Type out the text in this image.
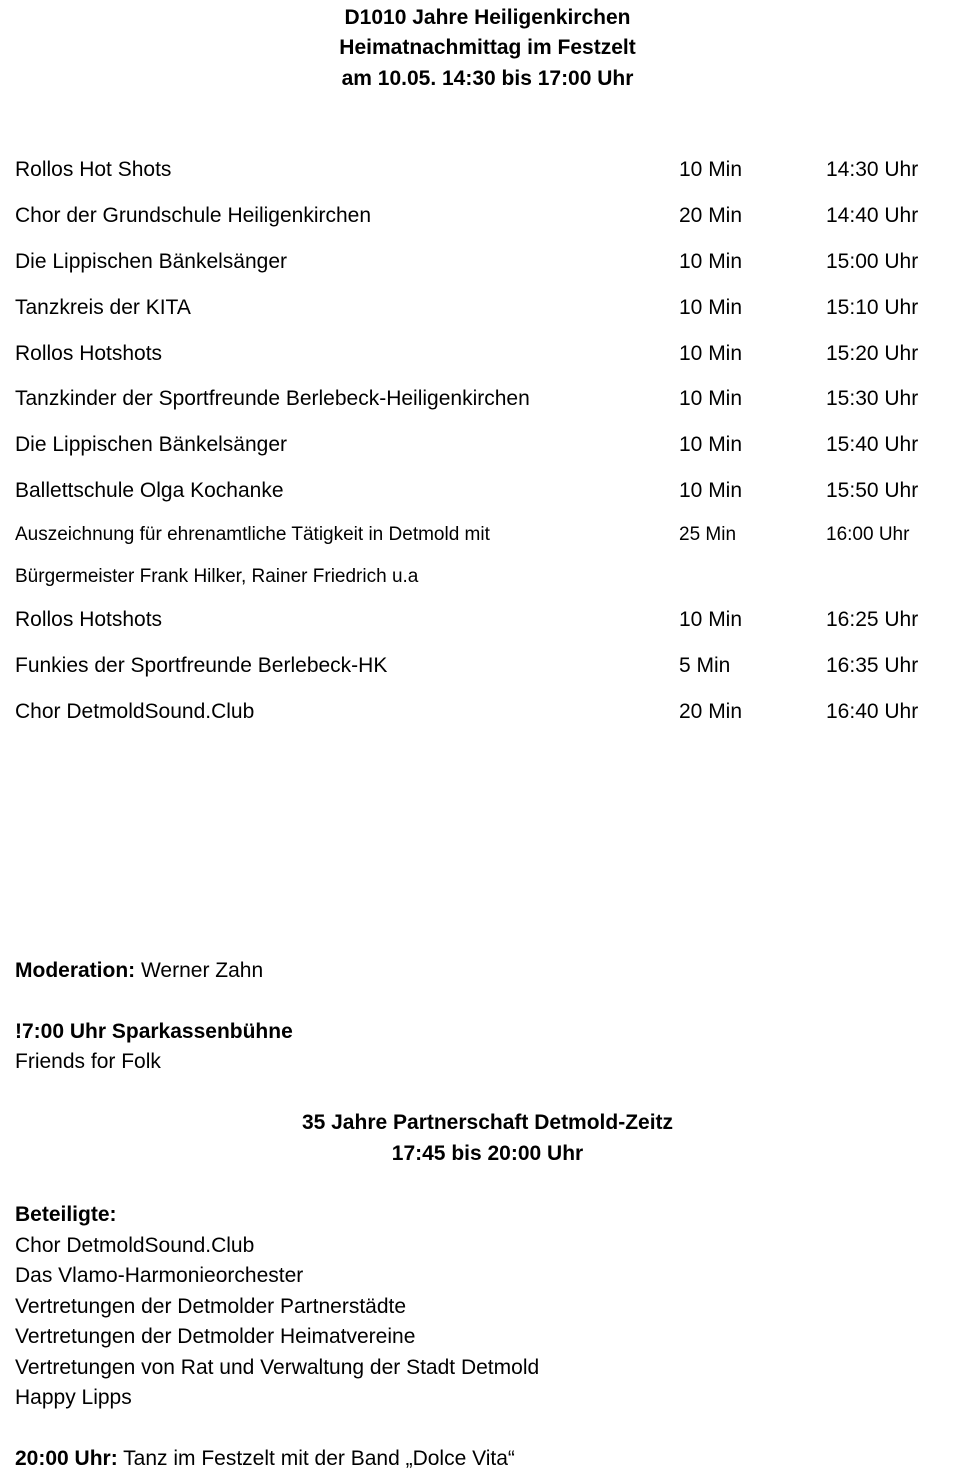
D1010 Jahre Heiligenkirchen
Heimatnachmittag im Festzelt
am 10.05. 14:30 bis 17:00 Uhr
Rollos Hot Shots	10 Min	14:30 Uhr
Chor der Grundschule Heiligenkirchen	20 Min	14:40 Uhr
Die Lippischen Bänkelsänger	10 Min	15:00 Uhr
Tanzkreis der KITA	10 Min	15:10 Uhr
Rollos Hotshots	10 Min	15:20 Uhr
Tanzkinder der Sportfreunde Berlebeck-Heiligenkirchen	10 Min	15:30 Uhr
Die Lippischen Bänkelsänger	10 Min	15:40 Uhr
Ballettschule Olga Kochanke	10 Min	15:50 Uhr
Auszeichnung für ehrenamtliche Tätigkeit in Detmold mit	25 Min	16:00 Uhr
Bürgermeister Frank Hilker, Rainer Friedrich u.a
Rollos Hotshots	10 Min	16:25 Uhr
Funkies der Sportfreunde Berlebeck-HK	5 Min	16:35 Uhr
Chor DetmoldSound.Club	20 Min	16:40 Uhr
Moderation: Werner Zahn
!7:00 Uhr Sparkassenbühne
Friends for Folk
35 Jahre Partnerschaft Detmold-Zeitz
17:45 bis 20:00 Uhr
Beteiligte:
Chor DetmoldSound.Club
Das Vlamo-Harmonieorchester
Vertretungen der Detmolder Partnerstädte
Vertretungen der Detmolder Heimatvereine
Vertretungen von Rat und Verwaltung der Stadt Detmold
Happy Lipps
20:00 Uhr: Tanz im Festzelt mit der Band „Dolce Vita“
